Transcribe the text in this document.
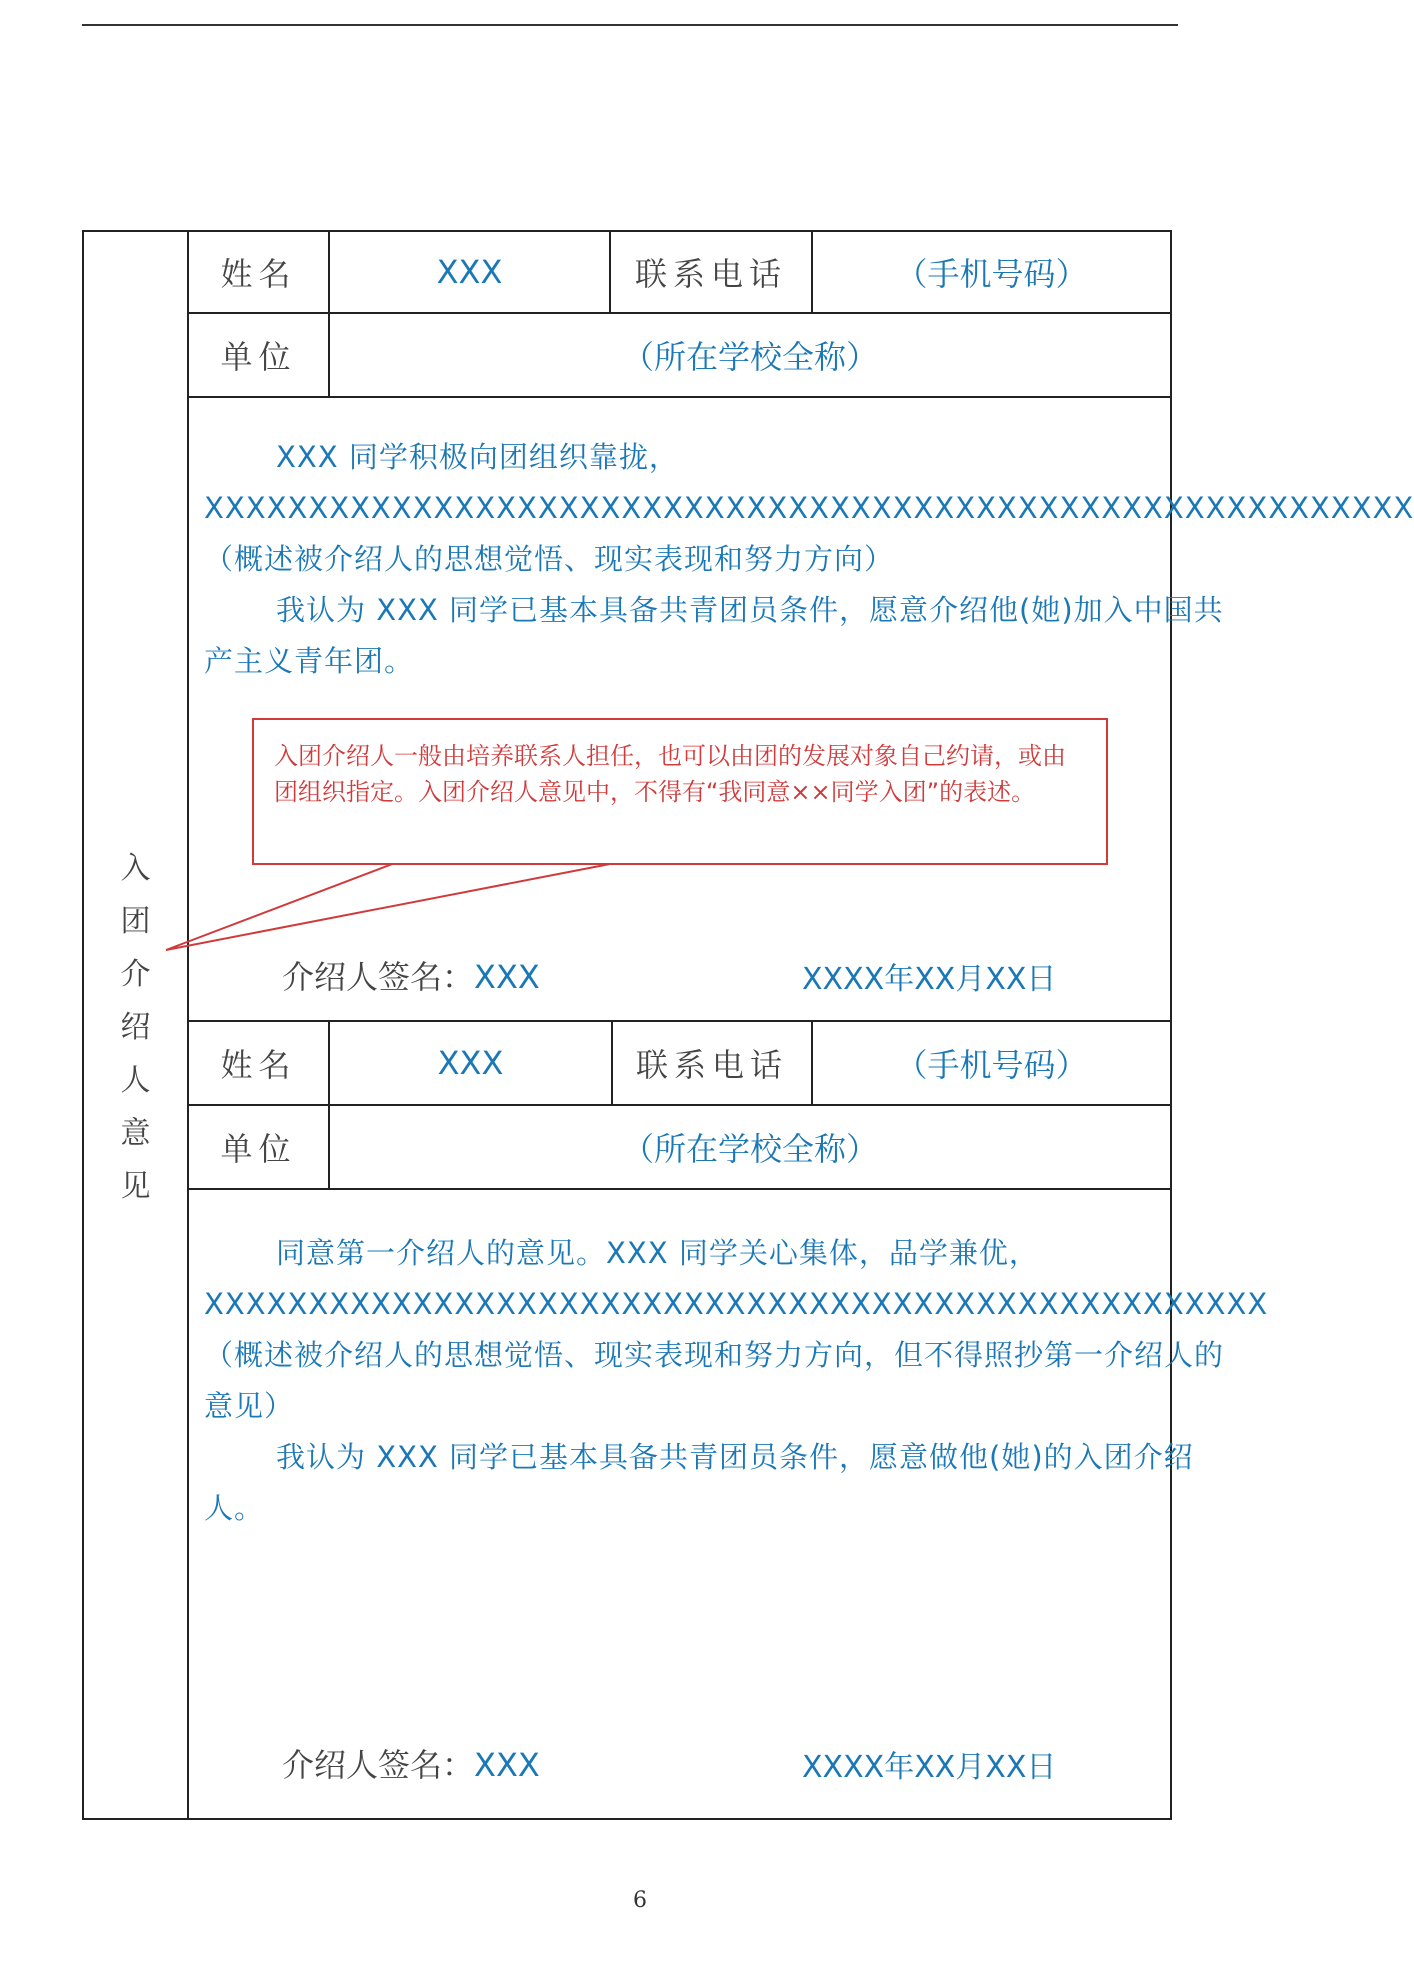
入
团
介
绍
人
意
见
姓名	XXX	联系电话	（手机号码）
单位	（所在学校全称）

XXX 同学积极向团组织靠拢，XXXXXXXXXXXXXXXXXXXXXXXXXXXXXXXXXXXXXXXXXXXXXXXXXXXXXXXXXX（概述被介绍人的思想觉悟、现实表现和努力方向）

我认为 XXX 同学已基本具备共青团员条件，愿意介绍他(她)加入中国共产主义青年团。

介绍人签名：XXX	XXXX年XX月XX日
姓名	XXX	联系电话	（手机号码）
单位	（所在学校全称）

同意第一介绍人的意见。XXX 同学关心集体，品学兼优，XXXXXXXXXXXXXXXXXXXXXXXXXXXXXXXXXXXXXXXXXXXXXXXXXXX（概述被介绍人的思想觉悟、现实表现和努力方向，但不得照抄第一介绍人的意见）

我认为 XXX 同学已基本具备共青团员条件，愿意做他(她)的入团介绍人。

介绍人签名：XXX	XXXX年XX月XX日
入团介绍人一般由培养联系人担任，也可以由团的发展对象自己约请，或由团组织指定。入团介绍人意见中，不得有“我同意××同学入团”的表述。
6
